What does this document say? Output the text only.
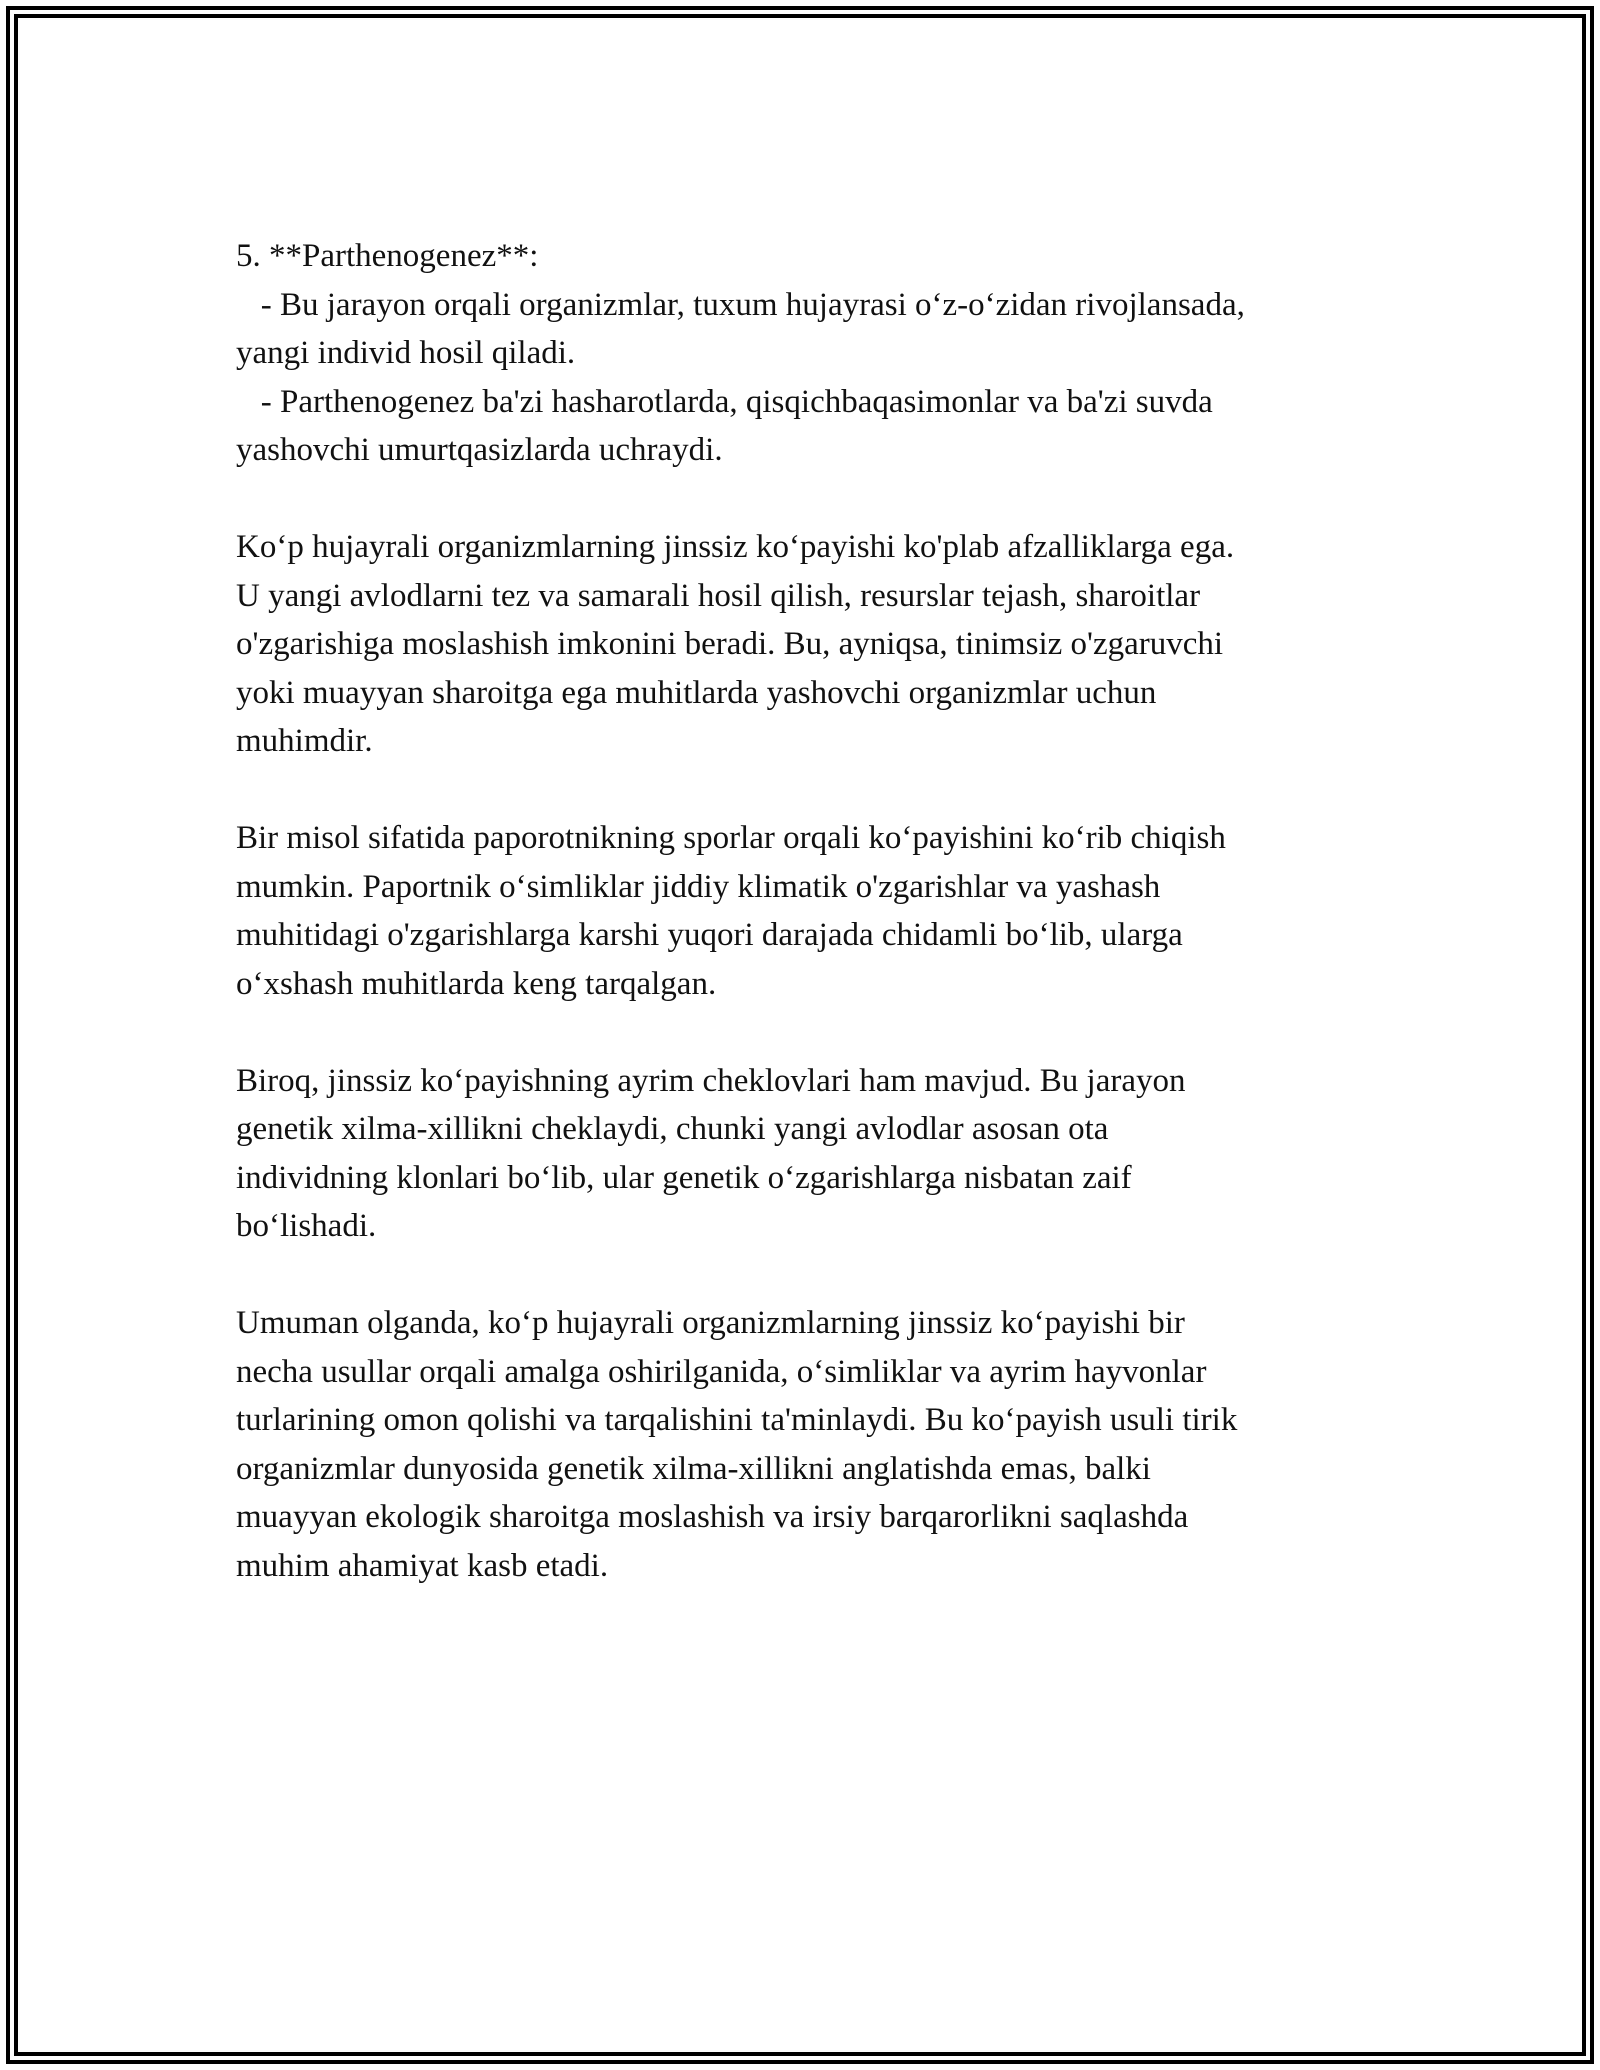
5. **Parthenogenez**:
- Bu jarayon orqali organizmlar, tuxum hujayrasi o‘z-o‘zidan rivojlansada,
yangi individ hosil qiladi.
- Parthenogenez ba'zi hasharotlarda, qisqichbaqasimonlar va ba'zi suvda
yashovchi umurtqasizlarda uchraydi.
Ko‘p hujayrali organizmlarning jinssiz ko‘payishi ko'plab afzalliklarga ega.
U yangi avlodlarni tez va samarali hosil qilish, resurslar tejash, sharoitlar
o'zgarishiga moslashish imkonini beradi. Bu, ayniqsa, tinimsiz o'zgaruvchi
yoki muayyan sharoitga ega muhitlarda yashovchi organizmlar uchun
muhimdir.
Bir misol sifatida paporotnikning sporlar orqali ko‘payishini ko‘rib chiqish
mumkin. Paportnik o‘simliklar jiddiy klimatik o'zgarishlar va yashash
muhitidagi o'zgarishlarga karshi yuqori darajada chidamli bo‘lib, ularga
o‘xshash muhitlarda keng tarqalgan.
Biroq, jinssiz ko‘payishning ayrim cheklovlari ham mavjud. Bu jarayon
genetik xilma-xillikni cheklaydi, chunki yangi avlodlar asosan ota
individning klonlari bo‘lib, ular genetik o‘zgarishlarga nisbatan zaif
bo‘lishadi.
Umuman olganda, ko‘p hujayrali organizmlarning jinssiz ko‘payishi bir
necha usullar orqali amalga oshirilganida, o‘simliklar va ayrim hayvonlar
turlarining omon qolishi va tarqalishini ta'minlaydi. Bu ko‘payish usuli tirik
organizmlar dunyosida genetik xilma-xillikni anglatishda emas, balki
muayyan ekologik sharoitga moslashish va irsiy barqarorlikni saqlashda
muhim ahamiyat kasb etadi.
